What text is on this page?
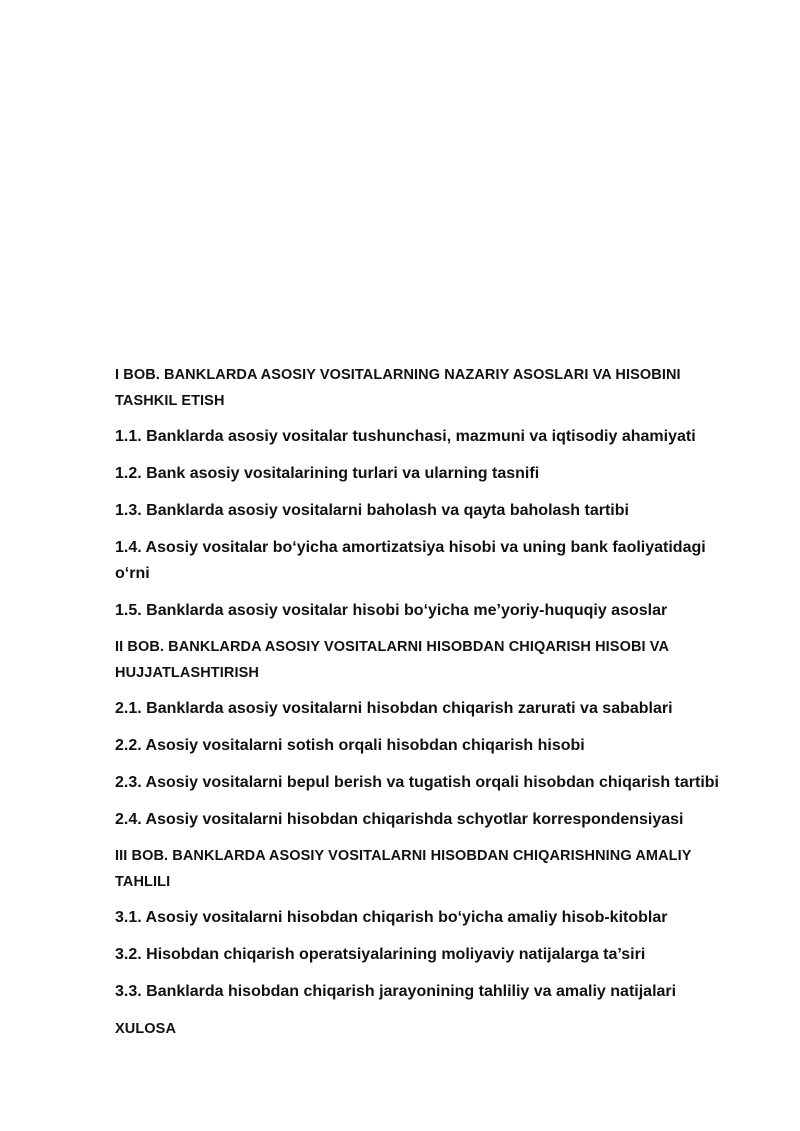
I BOB. BANKLARDA ASOSIY VOSITALARNING NAZARIY ASOSLARI VA HISOBINI TASHKIL ETISH

1.1. Banklarda asosiy vositalar tushunchasi, mazmuni va iqtisodiy ahamiyati

1.2. Bank asosiy vositalarining turlari va ularning tasnifi

1.3. Banklarda asosiy vositalarni baholash va qayta baholash tartibi

1.4. Asosiy vositalar bo‘yicha amortizatsiya hisobi va uning bank faoliyatidagi o‘rni

1.5. Banklarda asosiy vositalar hisobi bo‘yicha me’yoriy-huquqiy asoslar

II BOB. BANKLARDA ASOSIY VOSITALARNI HISOBDAN CHIQARISH HISOBI VA HUJJATLASHTIRISH

2.1. Banklarda asosiy vositalarni hisobdan chiqarish zarurati va sabablari

2.2. Asosiy vositalarni sotish orqali hisobdan chiqarish hisobi

2.3. Asosiy vositalarni bepul berish va tugatish orqali hisobdan chiqarish tartibi

2.4. Asosiy vositalarni hisobdan chiqarishda schyotlar korrespondensiyasi

III BOB. BANKLARDA ASOSIY VOSITALARNI HISOBDAN CHIQARISHNING AMALIY TAHLILI

3.1. Asosiy vositalarni hisobdan chiqarish bo‘yicha amaliy hisob-kitoblar

3.2. Hisobdan chiqarish operatsiyalarining moliyaviy natijalarga ta’siri

3.3. Banklarda hisobdan chiqarish jarayonining tahliliy va amaliy natijalari

XULOSA
